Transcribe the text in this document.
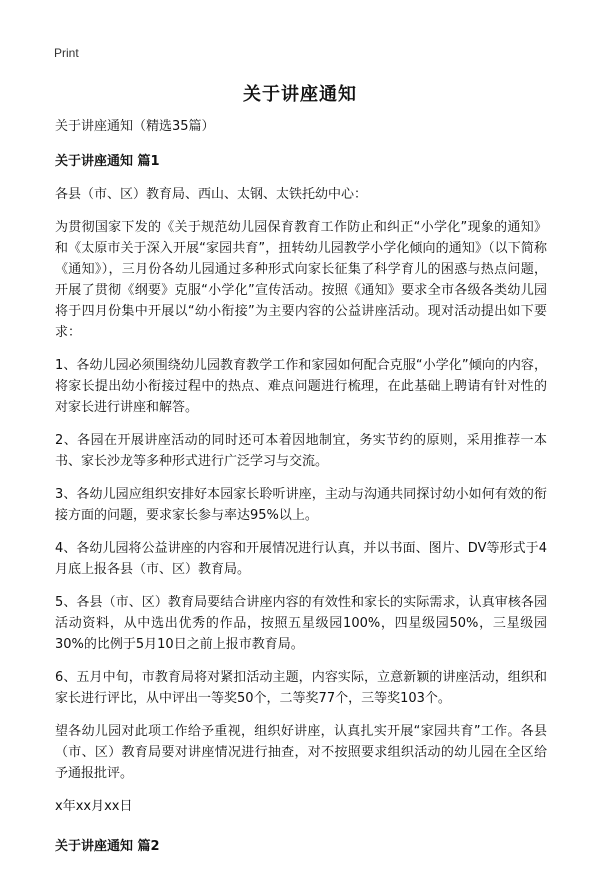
Print
关于讲座通知

关于讲座通知（精选35篇）

关于讲座通知 篇1

各县（市、区）教育局、西山、太钢、太铁托幼中心：

为贯彻国家下发的《关于规范幼儿园保育教育工作防止和纠正“小学化”现象的通知》和《太原市关于深入开展“家园共育”，扭转幼儿园教学小学化倾向的通知》（以下简称《通知》），三月份各幼儿园通过多种形式向家长征集了科学育儿的困惑与热点问题，开展了贯彻《纲要》克服“小学化”宣传活动。按照《通知》要求全市各级各类幼儿园将于四月份集中开展以“幼小衔接”为主要内容的公益讲座活动。现对活动提出如下要求：

1、各幼儿园必须围绕幼儿园教育教学工作和家园如何配合克服“小学化”倾向的内容，将家长提出幼小衔接过程中的热点、难点问题进行梳理，在此基础上聘请有针对性的对家长进行讲座和解答。

2、各园在开展讲座活动的同时还可本着因地制宜，务实节约的原则，采用推荐一本书、家长沙龙等多种形式进行广泛学习与交流。

3、各幼儿园应组织安排好本园家长聆听讲座，主动与沟通共同探讨幼小如何有效的衔接方面的问题，要求家长参与率达95%以上。

4、各幼儿园将公益讲座的内容和开展情况进行认真，并以书面、图片、DV等形式于4月底上报各县（市、区）教育局。

5、各县（市、区）教育局要结合讲座内容的有效性和家长的实际需求，认真审核各园活动资料，从中选出优秀的作品，按照五星级园100%，四星级园50%，三星级园30%的比例于5月10日之前上报市教育局。

6、五月中旬，市教育局将对紧扣活动主题，内容实际，立意新颖的讲座活动，组织和家长进行评比，从中评出一等奖50个，二等奖77个，三等奖103个。

望各幼儿园对此项工作给予重视，组织好讲座，认真扎实开展“家园共育”工作。各县（市、区）教育局要对讲座情况进行抽查，对不按照要求组织活动的幼儿园在全区给予通报批评。

x年xx月xx日

关于讲座通知 篇2
